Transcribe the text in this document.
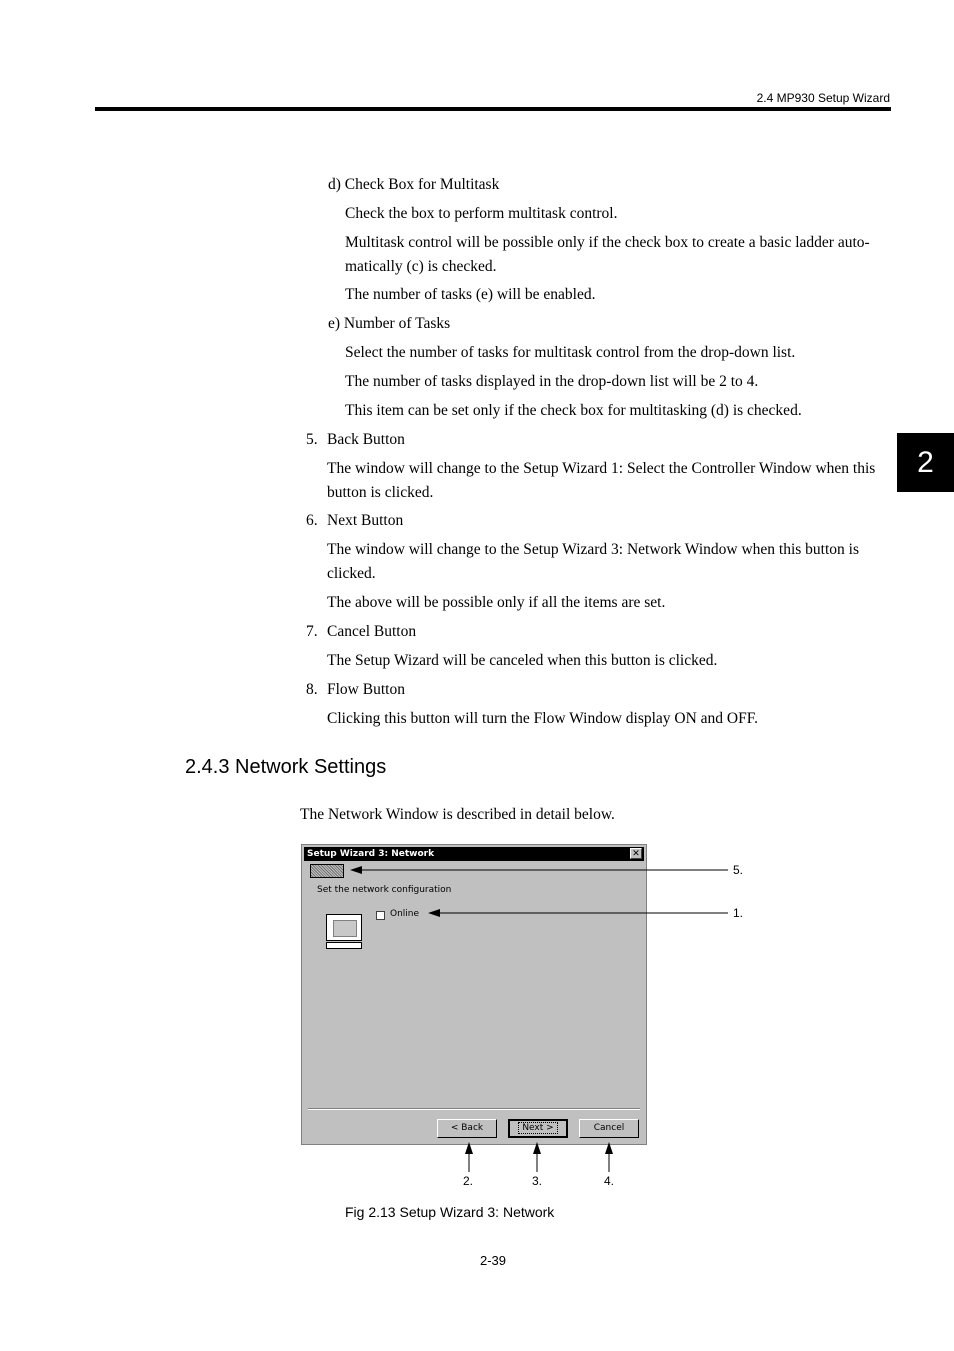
2.4 MP930 Setup Wizard
2
d) Check Box for Multitask
Check the box to perform multitask control.
Multitask control will be possible only if the check box to create a basic ladder auto-
matically (c) is checked.
The number of tasks (e) will be enabled.
e) Number of Tasks
Select the number of tasks for multitask control from the drop-down list.
The number of tasks displayed in the drop-down list will be 2 to 4.
This item can be set only if the check box for multitasking (d) is checked.
5. Back Button
The window will change to the Setup Wizard 1: Select the Controller Window when this
button is clicked.
6. Next Button
The window will change to the Setup Wizard 3: Network Window when this button is
clicked.
The above will be possible only if all the items are set.
7. Cancel Button
The Setup Wizard will be canceled when this button is clicked.
8. Flow Button
Clicking this button will turn the Flow Window display ON and OFF.
2.4.3 Network Settings
The Network Window is described in detail below.
Setup Wizard 3: Network	✕
Set the network configuration
Online
< Back	Next >	Cancel
5.
1.
2.	3.	4.
Fig 2.13 Setup Wizard 3: Network
2-39
